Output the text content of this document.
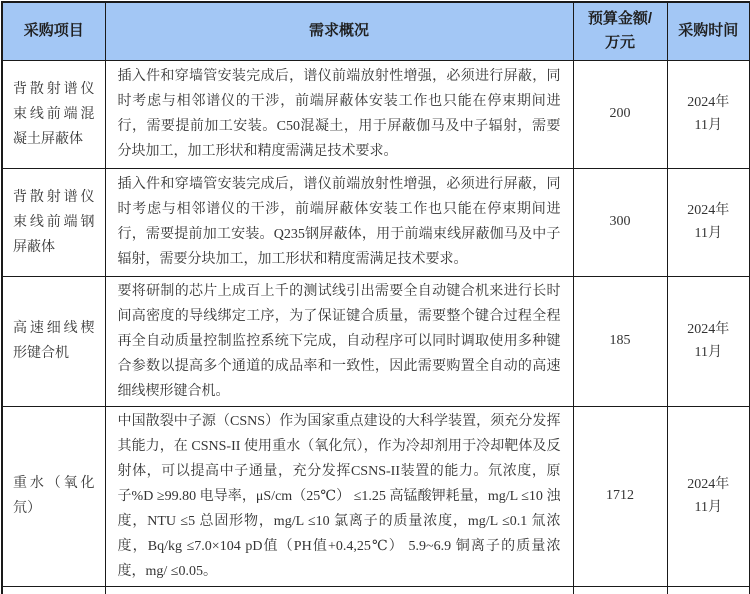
采购项目	需求概况	预算金额/万元	采购时间
背散射谱仪束线前端混凝土屏蔽体	插入件和穿墙管安装完成后，谱仪前端放射性增强，必须进行屏蔽，同时考虑与相邻谱仪的干涉，前端屏蔽体安装工作也只能在停束期间进行，需要提前加工安装。C50混凝土，用于屏蔽伽马及中子辐射，需要分块加工，加工形状和精度需满足技术要求。	200	2024年11月
背散射谱仪束线前端钢屏蔽体	插入件和穿墙管安装完成后，谱仪前端放射性增强，必须进行屏蔽，同时考虑与相邻谱仪的干涉，前端屏蔽体安装工作也只能在停束期间进行，需要提前加工安装。Q235钢屏蔽体，用于前端束线屏蔽伽马及中子辐射，需要分块加工，加工形状和精度需满足技术要求。	300	2024年11月
高速细线楔形键合机	要将研制的芯片上成百上千的测试线引出需要全自动键合机来进行长时间高密度的导线绑定工序，为了保证键合质量，需要整个键合过程全程再全自动质量控制监控系统下完成，自动程序可以同时调取使用多种键合参数以提高多个通道的成品率和一致性，因此需要购置全自动的高速细线楔形键合机。	185	2024年11月
重水（氧化氘）	中国散裂中子源（CSNS）作为国家重点建设的大科学装置，须充分发挥其能力，在 CSNS-II 使用重水（氧化氘），作为冷却剂用于冷却靶体及反射体，可以提高中子通量，充分发挥CSNS-II装置的能力。氘浓度，原子%D ≥99.80 电导率，μS/cm（25℃） ≤1.25 高锰酸钾耗量，mg/L ≤10 浊度，NTU ≤5 总固形物，mg/L ≤10 氯离子的质量浓度，mg/L ≤0.1 氚浓度，Bq/kg ≤7.0×104 pD值（PH值+0.4,25℃） 5.9~6.9 铜离子的质量浓度，mg/ ≤0.05。	1712	2024年11月
